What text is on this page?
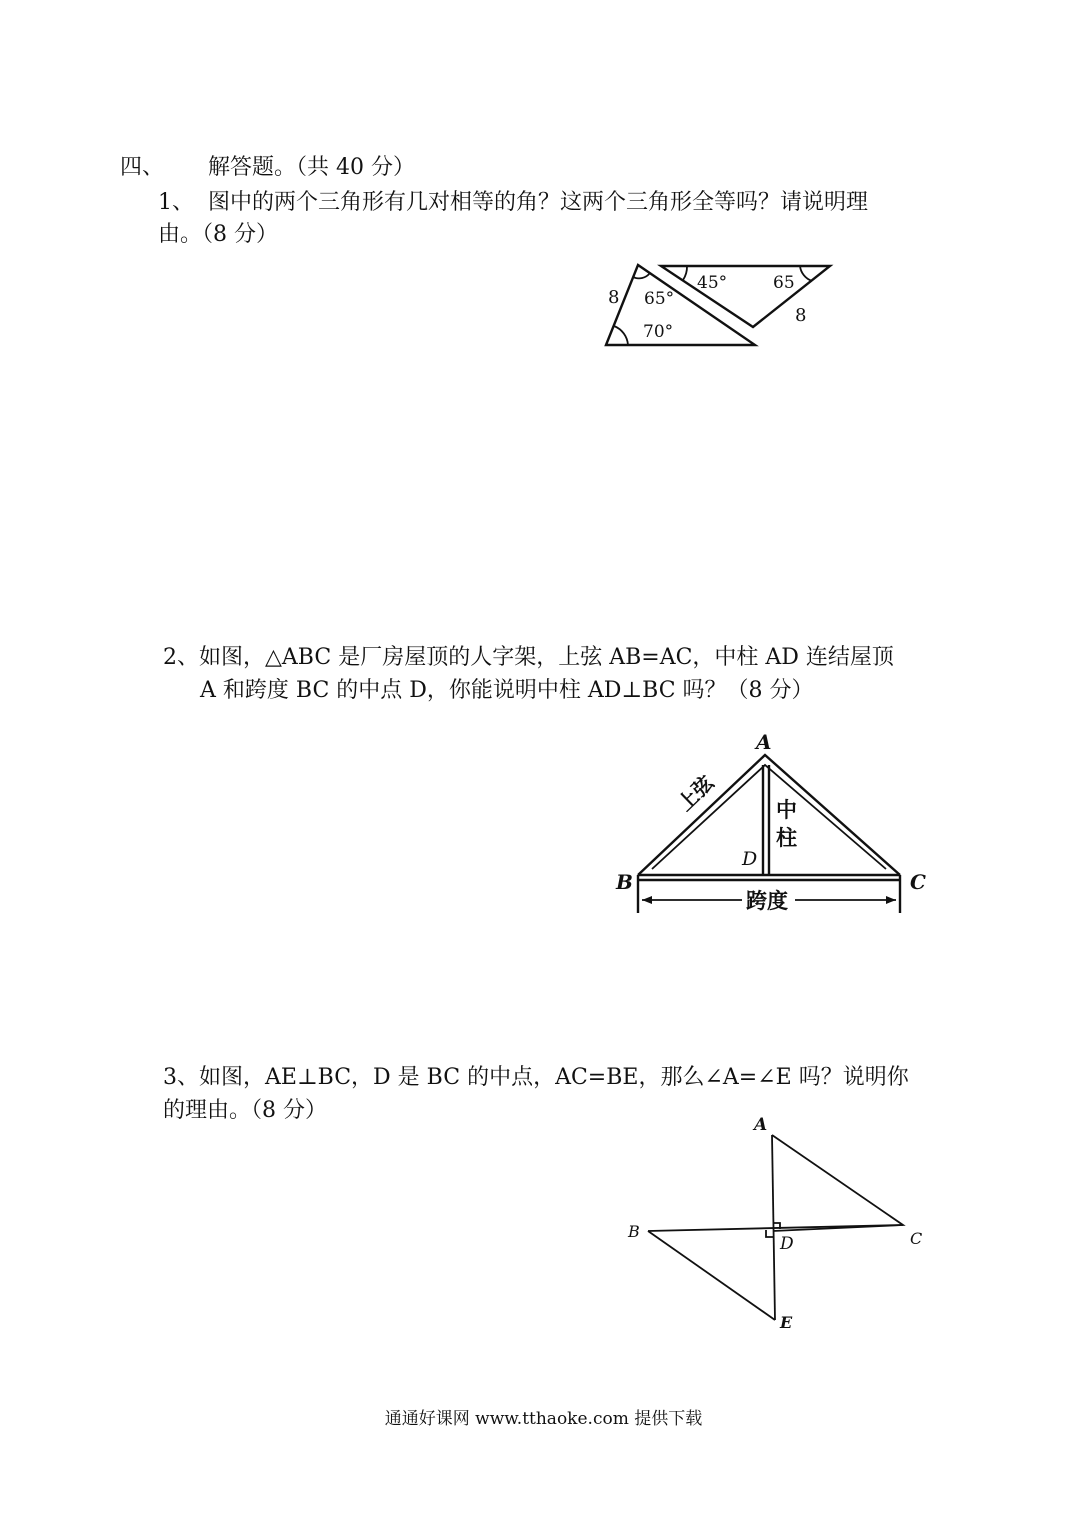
四、 解答题。（共 40 分）
1、 图中的两个三角形有几对相等的角？这两个三角形全等吗？请说明理
由。（8 分）
8 65°
70°
45°	65
8
2、如图，△ABC 是厂房屋顶的人字架，上弦 AB=AC，中柱 AD 连结屋顶
A 和跨度 BC 的中点 D，你能说明中柱 AD⊥BC 吗？（8 分）
A
B	C
D
上弦	中
柱
跨度
3、如图，AE⊥BC，D 是 BC 的中点，AC=BE，那么∠A=∠E 吗？说明你
的理由。（8 分）
A
B	C
D
E
通通好课网 www.tthaoke.com 提供下载
